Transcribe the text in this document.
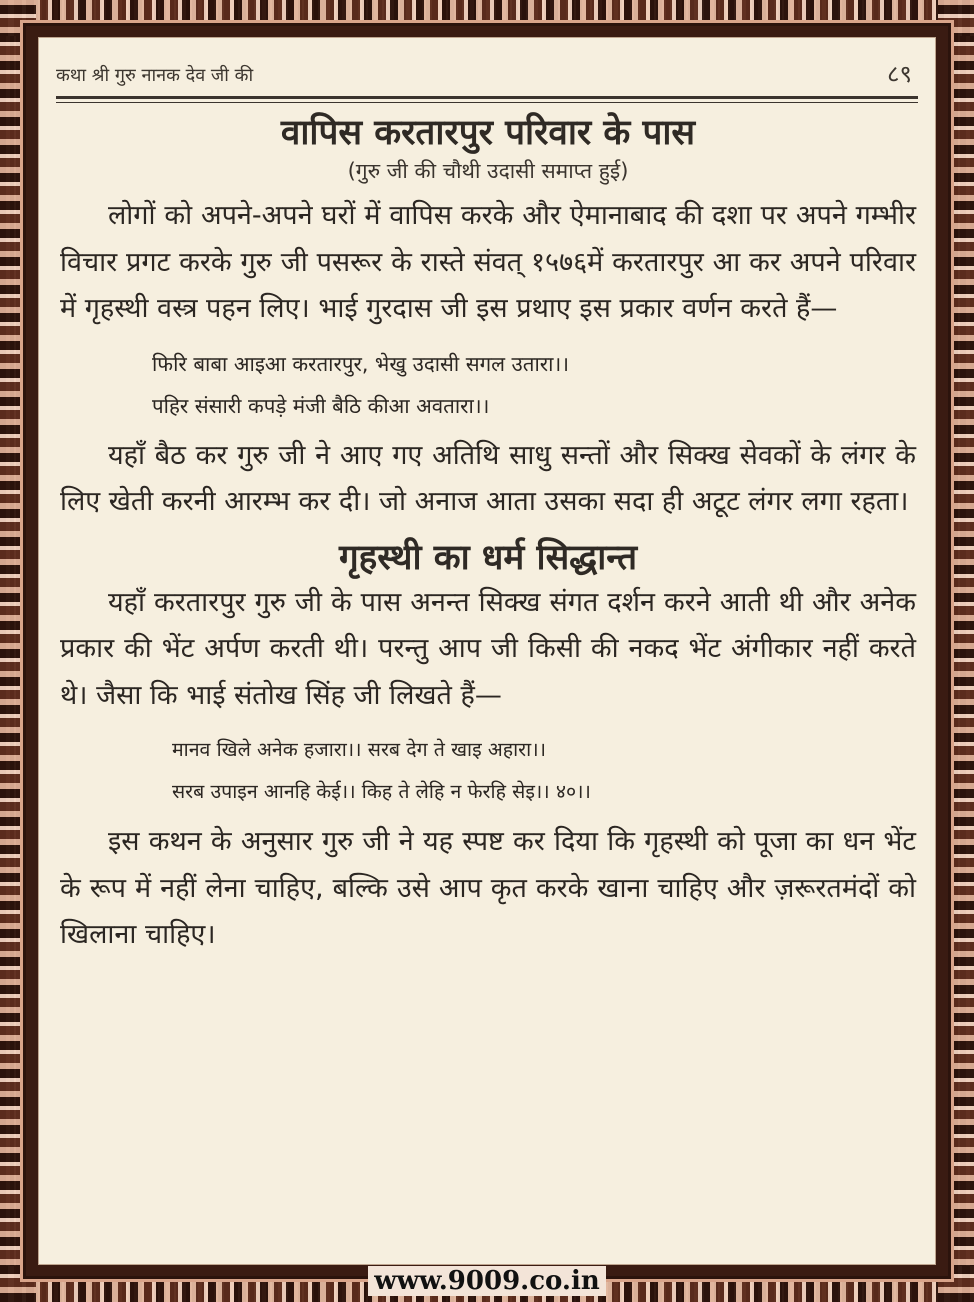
कथा श्री गुरु नानक देव जी की	८९
वापिस करतारपुर परिवार के पास
(गुरु जी की चौथी उदासी समाप्त हुई)
लोगों को अपने-अपने घरों में वापिस करके और ऐमानाबाद की दशा पर अपने गम्भीर विचार प्रगट करके गुरु जी पसरूर के रास्ते संवत् १५७६में करतारपुर आ कर अपने परिवार में गृहस्थी वस्त्र पहन लिए। भाई गुरदास जी इस प्रथाए इस प्रकार वर्णन करते हैं—
फिरि बाबा आइआ करतारपुर, भेखु उदासी सगल उतारा।।
पहिर संसारी कपड़े मंजी बैठि कीआ अवतारा।।
यहाँ बैठ कर गुरु जी ने आए गए अतिथि साधु सन्तों और सिक्ख सेवकों के लंगर के लिए खेती करनी आरम्भ कर दी। जो अनाज आता उसका सदा ही अटूट लंगर लगा रहता।
गृहस्थी का धर्म सिद्धान्त
यहाँ करतारपुर गुरु जी के पास अनन्त सिक्ख संगत दर्शन करने आती थी और अनेक प्रकार की भेंट अर्पण करती थी। परन्तु आप जी किसी की नकद भेंट अंगीकार नहीं करते थे। जैसा कि भाई संतोख सिंह जी लिखते हैं—
मानव खिले अनेक हजारा।। सरब देग ते खाइ अहारा।।
सरब उपाइन आनहि केई।। किह ते लेहि न फेरहि सेइ।। ४०।।
इस कथन के अनुसार गुरु जी ने यह स्पष्ट कर दिया कि गृहस्थी को पूजा का धन भेंट के रूप में नहीं लेना चाहिए, बल्कि उसे आप कृत करके खाना चाहिए और ज़रूरतमंदों को खिलाना चाहिए।
www.9009.co.in
